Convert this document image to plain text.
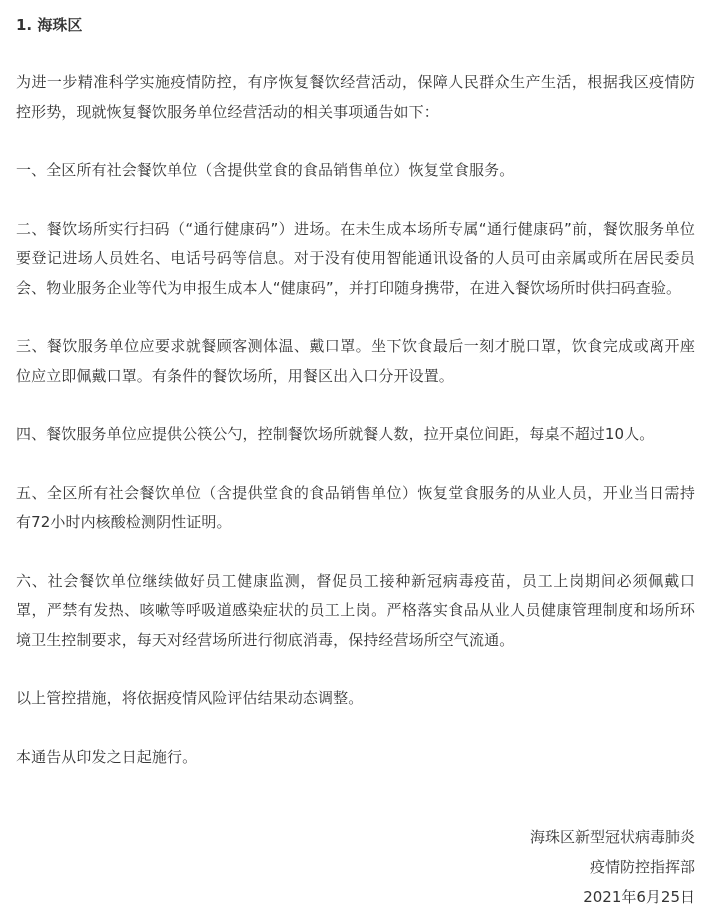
1. 海珠区

为进一步精准科学实施疫情防控，有序恢复餐饮经营活动，保障人民群众生产生活，根据我区疫情防控形势，现就恢复餐饮服务单位经营活动的相关事项通告如下：

一、全区所有社会餐饮单位（含提供堂食的食品销售单位）恢复堂食服务。

二、餐饮场所实行扫码（“通行健康码”）进场。在未生成本场所专属“通行健康码”前，餐饮服务单位要登记进场人员姓名、电话号码等信息。对于没有使用智能通讯设备的人员可由亲属或所在居民委员会、物业服务企业等代为申报生成本人“健康码”，并打印随身携带，在进入餐饮场所时供扫码查验。

三、餐饮服务单位应要求就餐顾客测体温、戴口罩。坐下饮食最后一刻才脱口罩，饮食完成或离开座位应立即佩戴口罩。有条件的餐饮场所，用餐区出入口分开设置。

四、餐饮服务单位应提供公筷公勺，控制餐饮场所就餐人数，拉开桌位间距，每桌不超过10人。

五、全区所有社会餐饮单位（含提供堂食的食品销售单位）恢复堂食服务的从业人员，开业当日需持有72小时内核酸检测阴性证明。

六、社会餐饮单位继续做好员工健康监测，督促员工接种新冠病毒疫苗，员工上岗期间必须佩戴口罩，严禁有发热、咳嗽等呼吸道感染症状的员工上岗。严格落实食品从业人员健康管理制度和场所环境卫生控制要求，每天对经营场所进行彻底消毒，保持经营场所空气流通。

以上管控措施，将依据疫情风险评估结果动态调整。

本通告从印发之日起施行。

海珠区新型冠状病毒肺炎
疫情防控指挥部
2021年6月25日
